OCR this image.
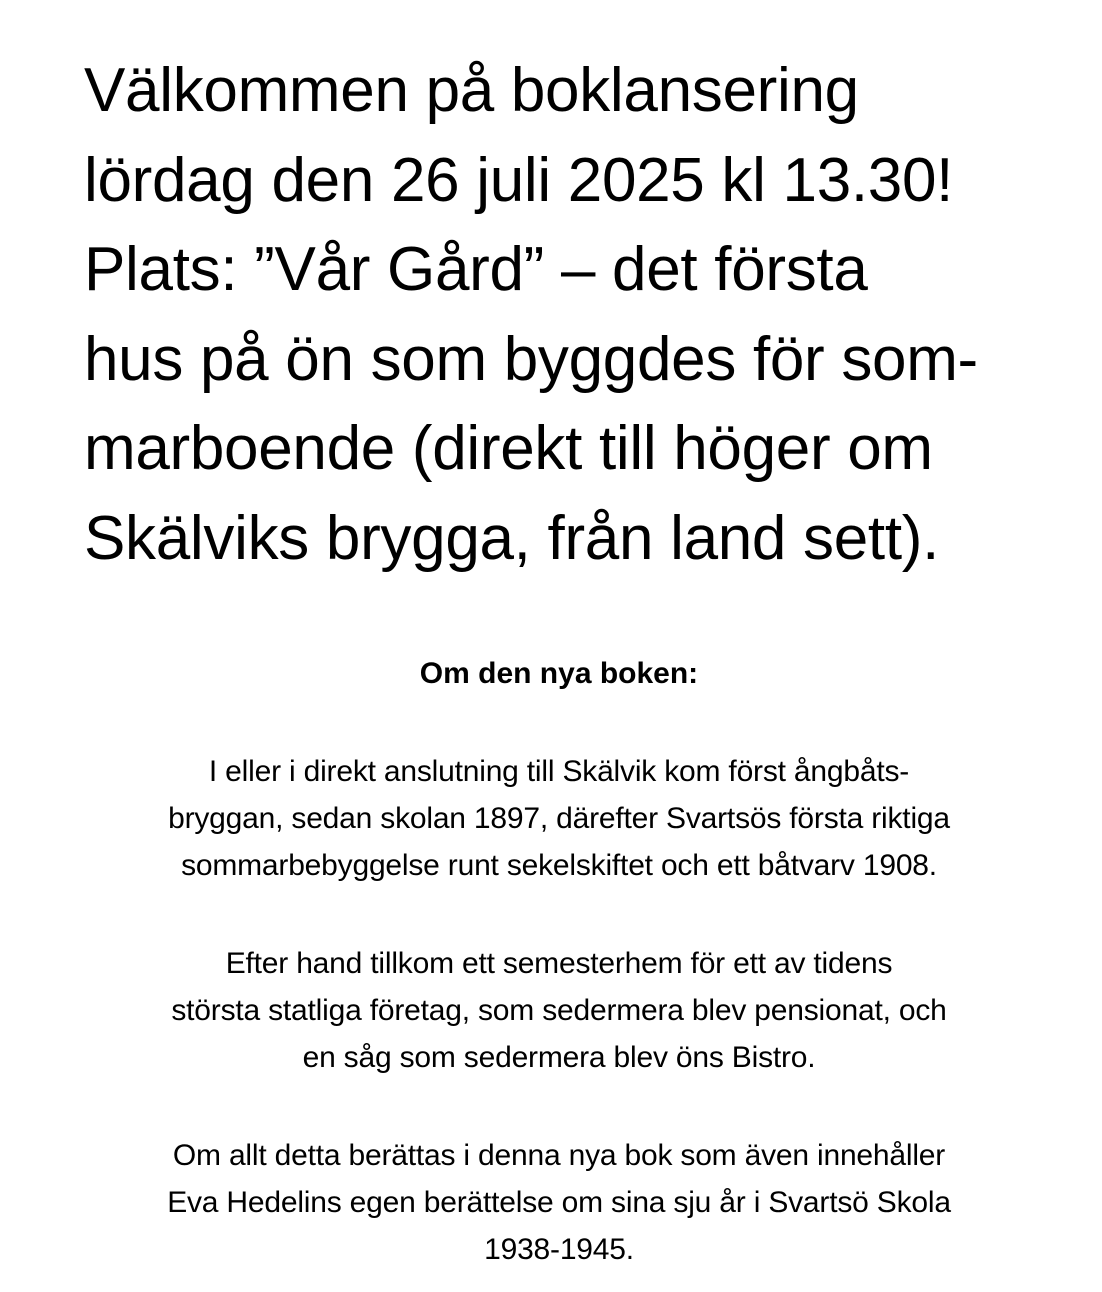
Välkommen på boklansering
lördag den 26 juli 2025 kl 13.30!
Plats: ”Vår Gård” – det första
hus på ön som byggdes för som-
marboende (direkt till höger om
Skälviks brygga, från land sett).
Om den nya boken:
I eller i direkt anslutning till Skälvik kom först ångbåts-
bryggan, sedan skolan 1897, därefter Svartsös första riktiga
sommarbebyggelse runt sekelskiftet och ett båtvarv 1908.
Efter hand tillkom ett semesterhem för ett av tidens
största statliga företag, som sedermera blev pensionat, och
en såg som sedermera blev öns Bistro.
Om allt detta berättas i denna nya bok som även innehåller
Eva Hedelins egen berättelse om sina sju år i Svartsö Skola
1938-1945.
